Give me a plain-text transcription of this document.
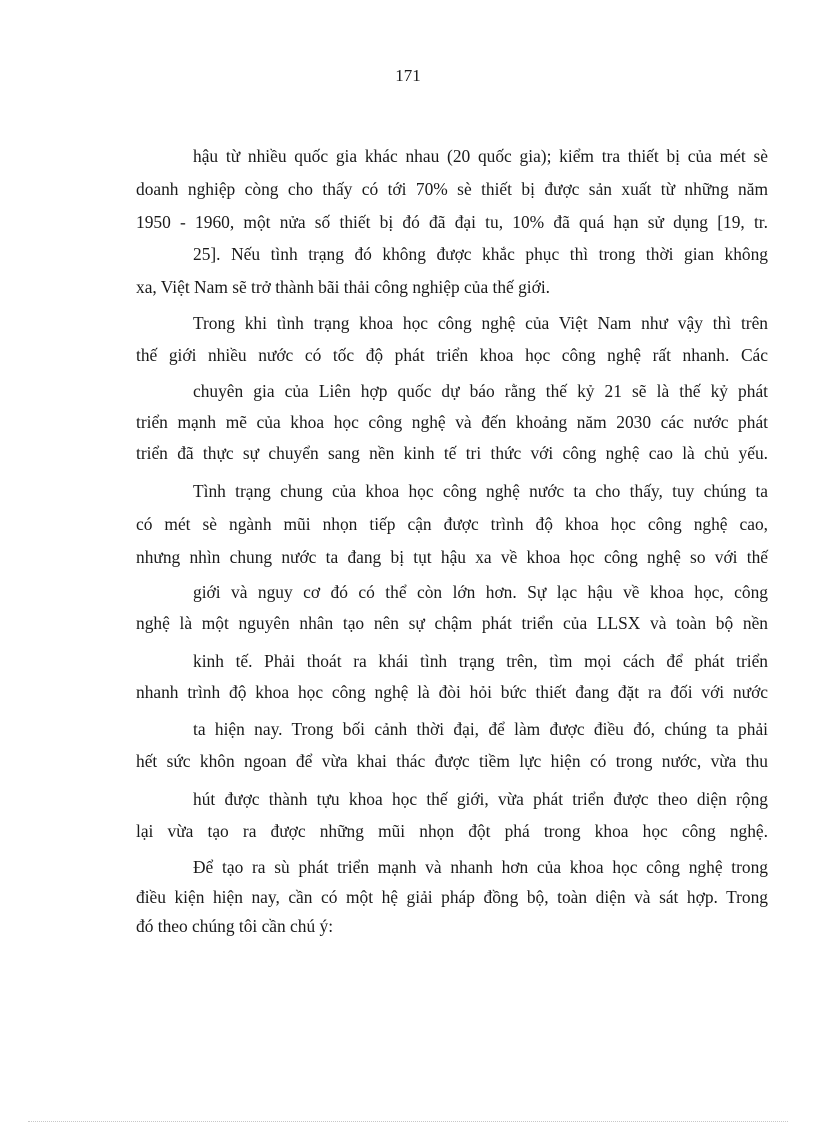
171
hậu từ nhiều quốc gia khác nhau (20 quốc gia); kiểm tra thiết bị của mét sè
doanh nghiệp còng cho thấy có tới 70% sè thiết bị được sản xuất từ những năm
1950 - 1960, một nửa số thiết bị đó đã đại tu, 10% đã quá hạn sử dụng [19, tr.
25]. Nếu tình trạng đó không được khắc phục thì trong thời gian không
xa, Việt Nam sẽ trở thành bãi thải công nghiệp của thế giới.
Trong khi tình trạng khoa học công nghệ của Việt Nam như vậy thì trên
thế giới nhiều nước có tốc độ phát triển khoa học công nghệ rất nhanh. Các
chuyên gia của Liên hợp quốc dự báo rằng thế kỷ 21 sẽ là thế kỷ phát
triển mạnh mẽ của khoa học công nghệ và đến khoảng năm 2030 các nước phát
triển đã thực sự chuyển sang nền kinh tế tri thức với công nghệ cao là chủ yếu.
Tình trạng chung của khoa học công nghệ nước ta cho thấy, tuy chúng ta
có mét sè ngành mũi nhọn tiếp cận được trình độ khoa học công nghệ cao,
nhưng nhìn chung nước ta đang bị tụt hậu xa về khoa học công nghệ so với thế
giới và nguy cơ đó có thể còn lớn hơn. Sự lạc hậu về khoa học, công
nghệ là một nguyên nhân tạo nên sự chậm phát triển của LLSX và toàn bộ nền
kinh tế. Phải thoát ra khái tình trạng trên, tìm mọi cách để phát triển
nhanh trình độ khoa học công nghệ là đòi hỏi bức thiết đang đặt ra đối với nước
ta hiện nay. Trong bối cảnh thời đại, để làm được điều đó, chúng ta phải
hết sức khôn ngoan để vừa khai thác được tiềm lực hiện có trong nước, vừa thu
hút được thành tựu khoa học thế giới, vừa phát triển được theo diện rộng
lại vừa tạo ra được những mũi nhọn đột phá trong khoa học công nghệ.
Để tạo ra sù phát triển mạnh và nhanh hơn của khoa học công nghệ trong
điều kiện hiện nay, cần có một hệ giải pháp đồng bộ, toàn diện và sát hợp. Trong
đó theo chúng tôi cần chú ý:
